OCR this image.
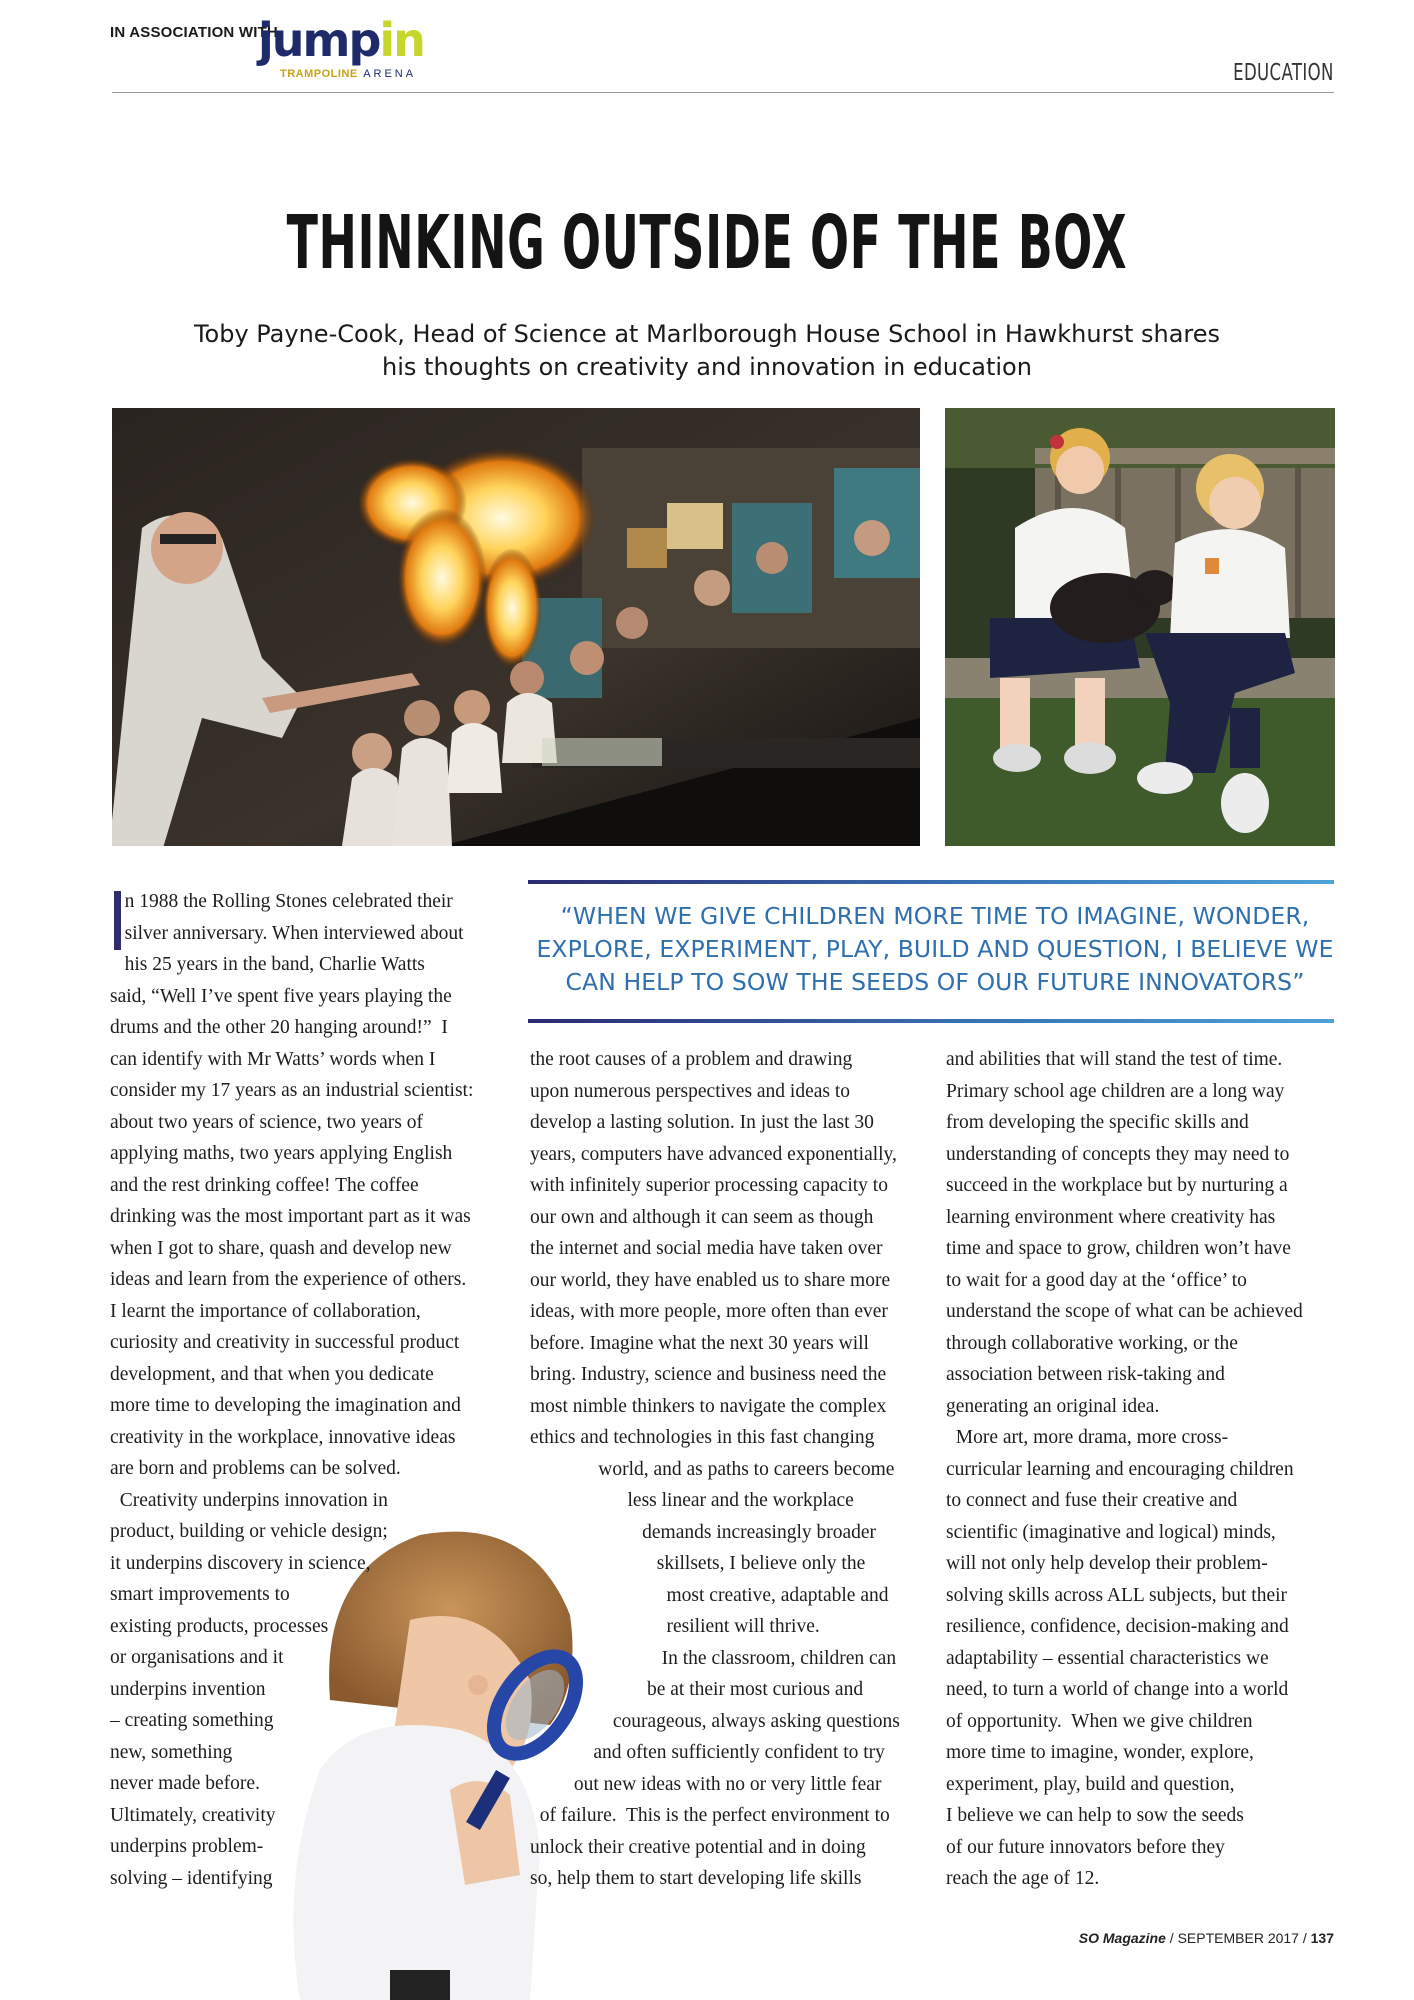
IN ASSOCIATION WITH
jumpin
TRAMPOLINE ARENA	EDUCATION
THINKING OUTSIDE OF THE BOX
Toby Payne-Cook, Head of Science at Marlborough House School in Hawkhurst shares
his thoughts on creativity and innovation in education
“WHEN WE GIVE CHILDREN MORE TIME TO IMAGINE, WONDER,
EXPLORE, EXPERIMENT, PLAY, BUILD AND QUESTION, I BELIEVE WE
CAN HELP TO SOW THE SEEDS OF OUR FUTURE INNOVATORS”

n 1988 the Rolling Stones celebrated their

silver anniversary. When interviewed about

his 25 years in the band, Charlie Watts

said, “Well I’ve spent five years playing the

drums and the other 20 hanging around!”  I

can identify with Mr Watts’ words when I

consider my 17 years as an industrial scientist:

about two years of science, two years of

applying maths, two years applying English

and the rest drinking coffee! The coffee

drinking was the most important part as it was

when I got to share, quash and develop new

ideas and learn from the experience of others.

I learnt the importance of collaboration,

curiosity and creativity in successful product

development, and that when you dedicate

more time to developing the imagination and

creativity in the workplace, innovative ideas

are born and problems can be solved.

Creativity underpins innovation in

product, building or vehicle design;

it underpins discovery in science,

smart improvements to

existing products, processes

or organisations and it

underpins invention

– creating something

new, something

never made before.

Ultimately, creativity

underpins problem-

solving – identifying

the root causes of a problem and drawing

upon numerous perspectives and ideas to

develop a lasting solution. In just the last 30

years, computers have advanced exponentially,

with infinitely superior processing capacity to

our own and although it can seem as though

the internet and social media have taken over

our world, they have enabled us to share more

ideas, with more people, more often than ever

before. Imagine what the next 30 years will

bring. Industry, science and business need the

most nimble thinkers to navigate the complex

ethics and technologies in this fast changing

world, and as paths to careers become

less linear and the workplace

demands increasingly broader

skillsets, I believe only the

most creative, adaptable and

resilient will thrive.

In the classroom, children can

be at their most curious and

courageous, always asking questions

and often sufficiently confident to try

out new ideas with no or very little fear

of failure.  This is the perfect environment to

unlock their creative potential and in doing

so, help them to start developing life skills

and abilities that will stand the test of time.

Primary school age children are a long way

from developing the specific skills and

understanding of concepts they may need to

succeed in the workplace but by nurturing a

learning environment where creativity has

time and space to grow, children won’t have

to wait for a good day at the ‘office’ to

understand the scope of what can be achieved

through collaborative working, or the

association between risk-taking and

generating an original idea.

More art, more drama, more cross-

curricular learning and encouraging children

to connect and fuse their creative and

scientific (imaginative and logical) minds,

will not only help develop their problem-

solving skills across ALL subjects, but their

resilience, confidence, decision-making and

adaptability – essential characteristics we

need, to turn a world of change into a world

of opportunity.  When we give children

more time to imagine, wonder, explore,

experiment, play, build and question,

I believe we can help to sow the seeds

of our future innovators before they

reach the age of 12.

SO Magazine / SEPTEMBER 2017 / 137
